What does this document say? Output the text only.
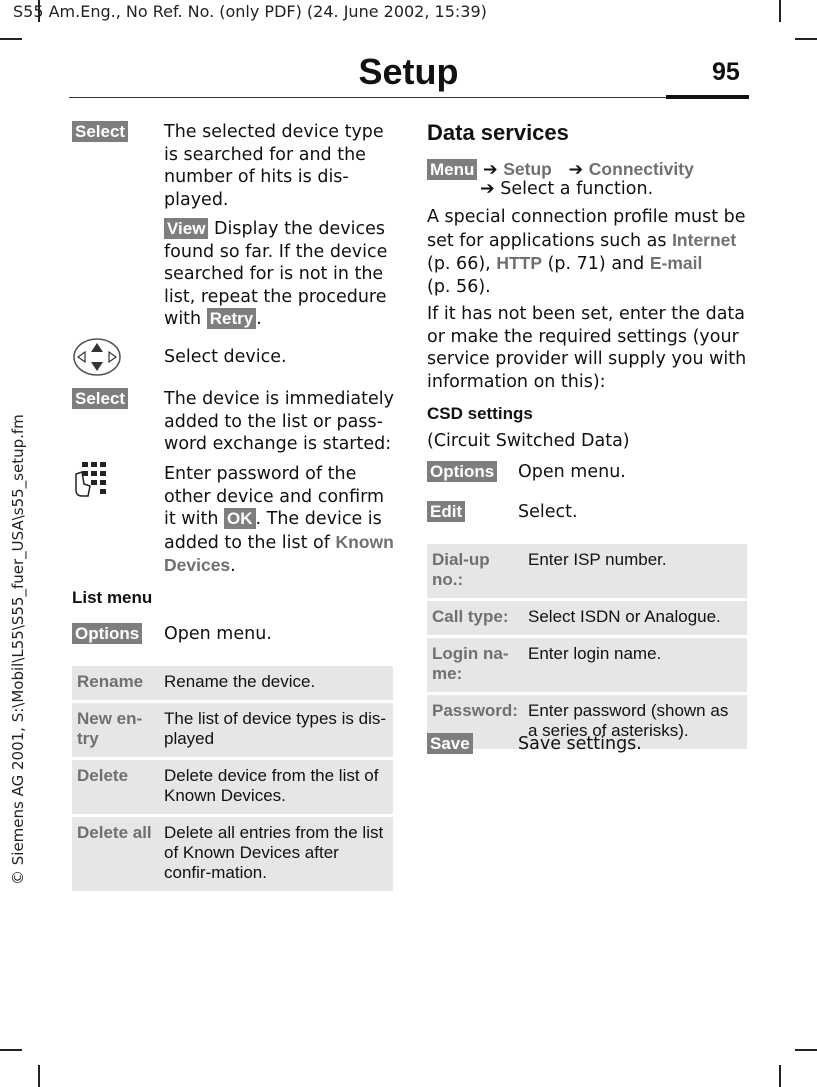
S55 Am.Eng., No Ref. No. (only PDF) (24. June 2002, 15:39)
Setup	95
© Siemens AG 2001, S:\Mobil\L55\S55_fuer_USA\s55_setup.fm
Select The selected device type is searched for and the number of hits is dis-played.
View Display the devices found so far. If the device searched for is not in the list, repeat the procedure with Retry .
Select device.
Select The device is immediately added to the list or pass-word exchange is started:
Enter password of the other device and confirm it with OK . The device is added to the list of Known Devices.
List menu
Options Open menu.
Rename	Rename the device.
New en-try	The list of device types is dis-played
Delete	Delete device from the list of Known Devices.
Delete all	Delete all entries from the list of Known Devices after confir-mation.
Data services
Menu ➔ Setup ➔ Connectivity
➔ Select a function.
A special connection profile must be set for applications such as Internet (p. 66), HTTP (p. 71) and E-mail
(p. 56).
If it has not been set, enter the data or make the required settings (your service provider will supply you with information on this):
CSD settings
(Circuit Switched Data)
Options Open menu.
Edit	Select.
Dial-up no.:	Enter ISP number.
Call type:	Select ISDN or Analogue.
Login na-me:	Enter login name.
Password:	Enter password (shown as a series of asterisks).
Save	Save settings.
